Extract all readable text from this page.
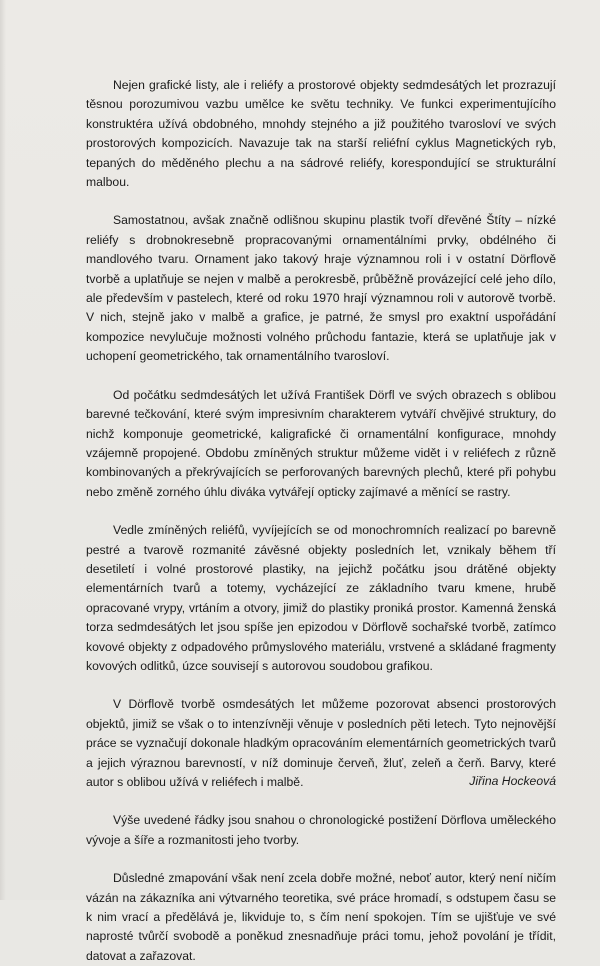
Nejen grafické listy, ale i reliéfy a prostorové objekty sedmdesátých let prozrazují těsnou porozumivou vazbu umělce ke světu techniky. Ve funkci experimentujícího konstruktéra užívá obdobného, mnohdy stejného a již použitého tvarosloví ve svých prostorových kompozicích. Navazuje tak na starší reliéfní cyklus Magnetických ryb, tepaných do měděného plechu a na sádrové reliéfy, korespondující se strukturální malbou.

Samostatnou, avšak značně odlišnou skupinu plastik tvoří dřevěné Štíty – nízké reliéfy s drobnokresebně propracovanými ornamentálními prvky, obdélného či mandlového tvaru. Ornament jako takový hraje významnou roli i v ostatní Dörflově tvorbě a uplatňuje se nejen v malbě a perokresbě, průběžně provázející celé jeho dílo, ale především v pastelech, které od roku 1970 hrají významnou roli v autorově tvorbě. V nich, stejně jako v malbě a grafice, je patrné, že smysl pro exaktní uspořádání kompozice nevylučuje možnosti volného průchodu fantazie, která se uplatňuje jak v uchopení geometrického, tak ornamentálního tvarosloví.

Od počátku sedmdesátých let užívá František Dörfl ve svých obrazech s oblibou barevné tečkování, které svým impresivním charakterem vytváří chvějivé struktury, do nichž komponuje geometrické, kaligrafické či ornamentální konfigurace, mnohdy vzájemně propojené. Obdobu zmíněných struktur můžeme vidět i v reliéfech z různě kombinovaných a překrývajících se perforovaných barevných plechů, které při pohybu nebo změně zorného úhlu diváka vytvářejí opticky zajímavé a měnící se rastry.

Vedle zmíněných reliéfů, vyvíjejících se od monochromních realizací po barevně pestré a tvarově rozmanité závěsné objekty posledních let, vznikaly během tří desetiletí i volné prostorové plastiky, na jejichž počátku jsou drátěné objekty elementárních tvarů a totemy, vycházející ze základního tvaru kmene, hrubě opracované vrypy, vrtáním a otvory, jimiž do plastiky proniká prostor. Kamenná ženská torza sedmdesátých let jsou spíše jen epizodou v Dörflově sochařské tvorbě, zatímco kovové objekty z odpadového průmyslového materiálu, vrstvené a skládané fragmenty kovových odlitků, úzce souvisejí s autorovou soudobou grafikou.

V Dörflově tvorbě osmdesátých let můžeme pozorovat absenci prostorových objektů, jimiž se však o to intenzívněji věnuje v posledních pěti letech. Tyto nejnovější práce se vyznačují dokonale hladkým opracováním elementárních geometrických tvarů a jejich výraznou barevností, v níž dominuje červeň, žluť, zeleň a čerň. Barvy, které autor s oblibou užívá v reliéfech i malbě.

Výše uvedené řádky jsou snahou o chronologické postižení Dörflova uměleckého vývoje a šíře a rozmanitosti jeho tvorby.

Důsledné zmapování však není zcela dobře možné, neboť autor, který není ničím vázán na zákazníka ani výtvarného teoretika, své práce hromadí, s odstupem času se k nim vrací a předělává je, likviduje to, s čím není spokojen. Tím se ujišťuje ve své naprosté tvůrčí svobodě a poněkud znesnadňuje práci tomu, jehož povolání je třídit, datovat a zařazovat.

Jiřina Hockeová
